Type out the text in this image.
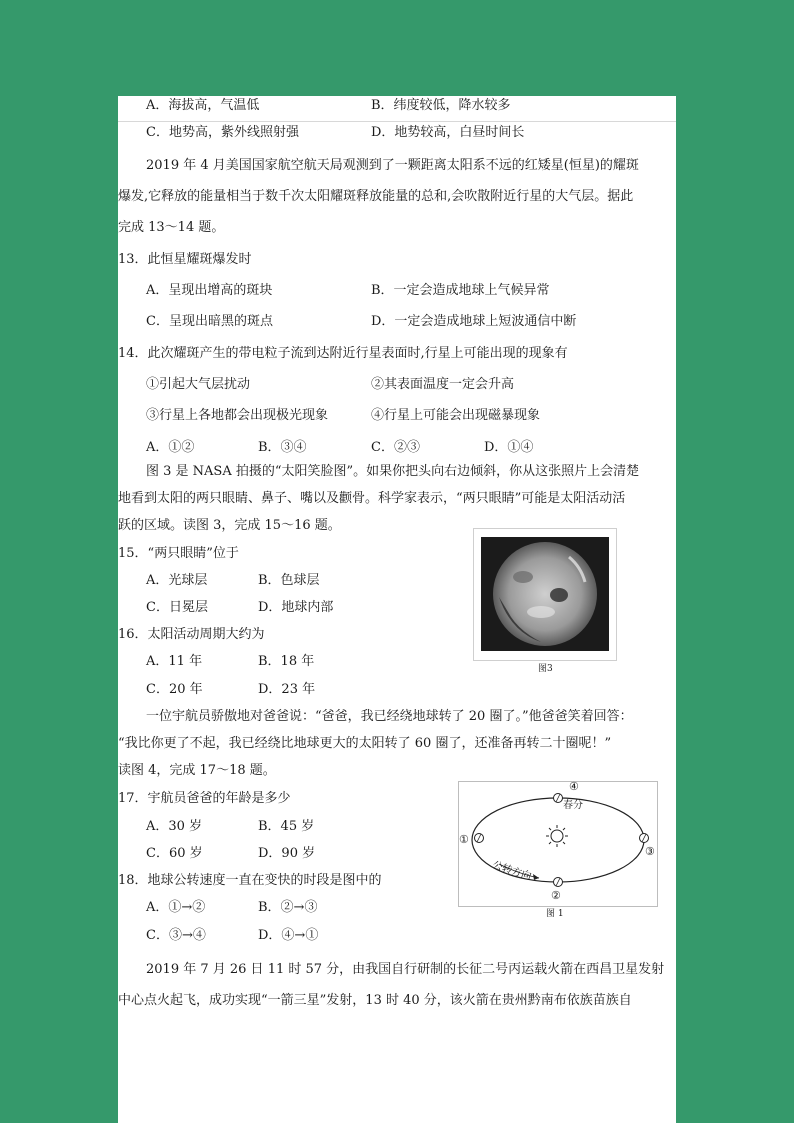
A．海拔高，气温低	B．纬度较低，降水较多
C．地势高，紫外线照射强	D．地势较高，白昼时间长
2019 年 4 月美国国家航空航天局观测到了一颗距离太阳系不远的红矮星(恒星)的耀斑
爆发,它释放的能量相当于数千次太阳耀斑释放能量的总和,会吹散附近行星的大气层。据此
完成 13～14 题。
13．此恒星耀斑爆发时
A．呈现出增高的斑块	B．一定会造成地球上气候异常
C．呈现出暗黑的斑点	D．一定会造成地球上短波通信中断
14．此次耀斑产生的带电粒子流到达附近行星表面时,行星上可能出现的现象有
①引起大气层扰动	②其表面温度一定会升高
③行星上各地都会出现极光现象	④行星上可能会出现磁暴现象
A．①②	B．③④	C．②③	D．①④
图 3 是 NASA 拍摄的“太阳笑脸图”。如果你把头向右边倾斜，你从这张照片上会清楚
地看到太阳的两只眼睛、鼻子、嘴以及颧骨。科学家表示，“两只眼睛”可能是太阳活动活
跃的区域。读图 3，完成 15～16 题。
图3
15．“两只眼睛”位于
A．光球层	B．色球层
C．日冕层	D．地球内部
16．太阳活动周期大约为
A．11 年	B．18 年
C．20 年	D．23 年
一位宇航员骄傲地对爸爸说：“爸爸，我已经绕地球转了 20 圈了。”他爸爸笑着回答：
“我比你更了不起，我已经绕比地球更大的太阳转了 60 圈了，还准备再转二十圈呢！”
读图 4，完成 17～18 题。
④
春分
①
③
②
公转方向
图 1
17．宇航员爸爸的年龄是多少
A．30 岁	B．45 岁
C．60 岁	D．90 岁
18．地球公转速度一直在变快的时段是图中的
A．①→②	B．②→③
C．③→④	D．④→①
2019 年 7 月 26 日 11 时 57 分，由我国自行研制的长征二号丙运载火箭在西昌卫星发射
中心点火起飞，成功实现“一箭三星”发射，13 时 40 分，该火箭在贵州黔南布依族苗族自
